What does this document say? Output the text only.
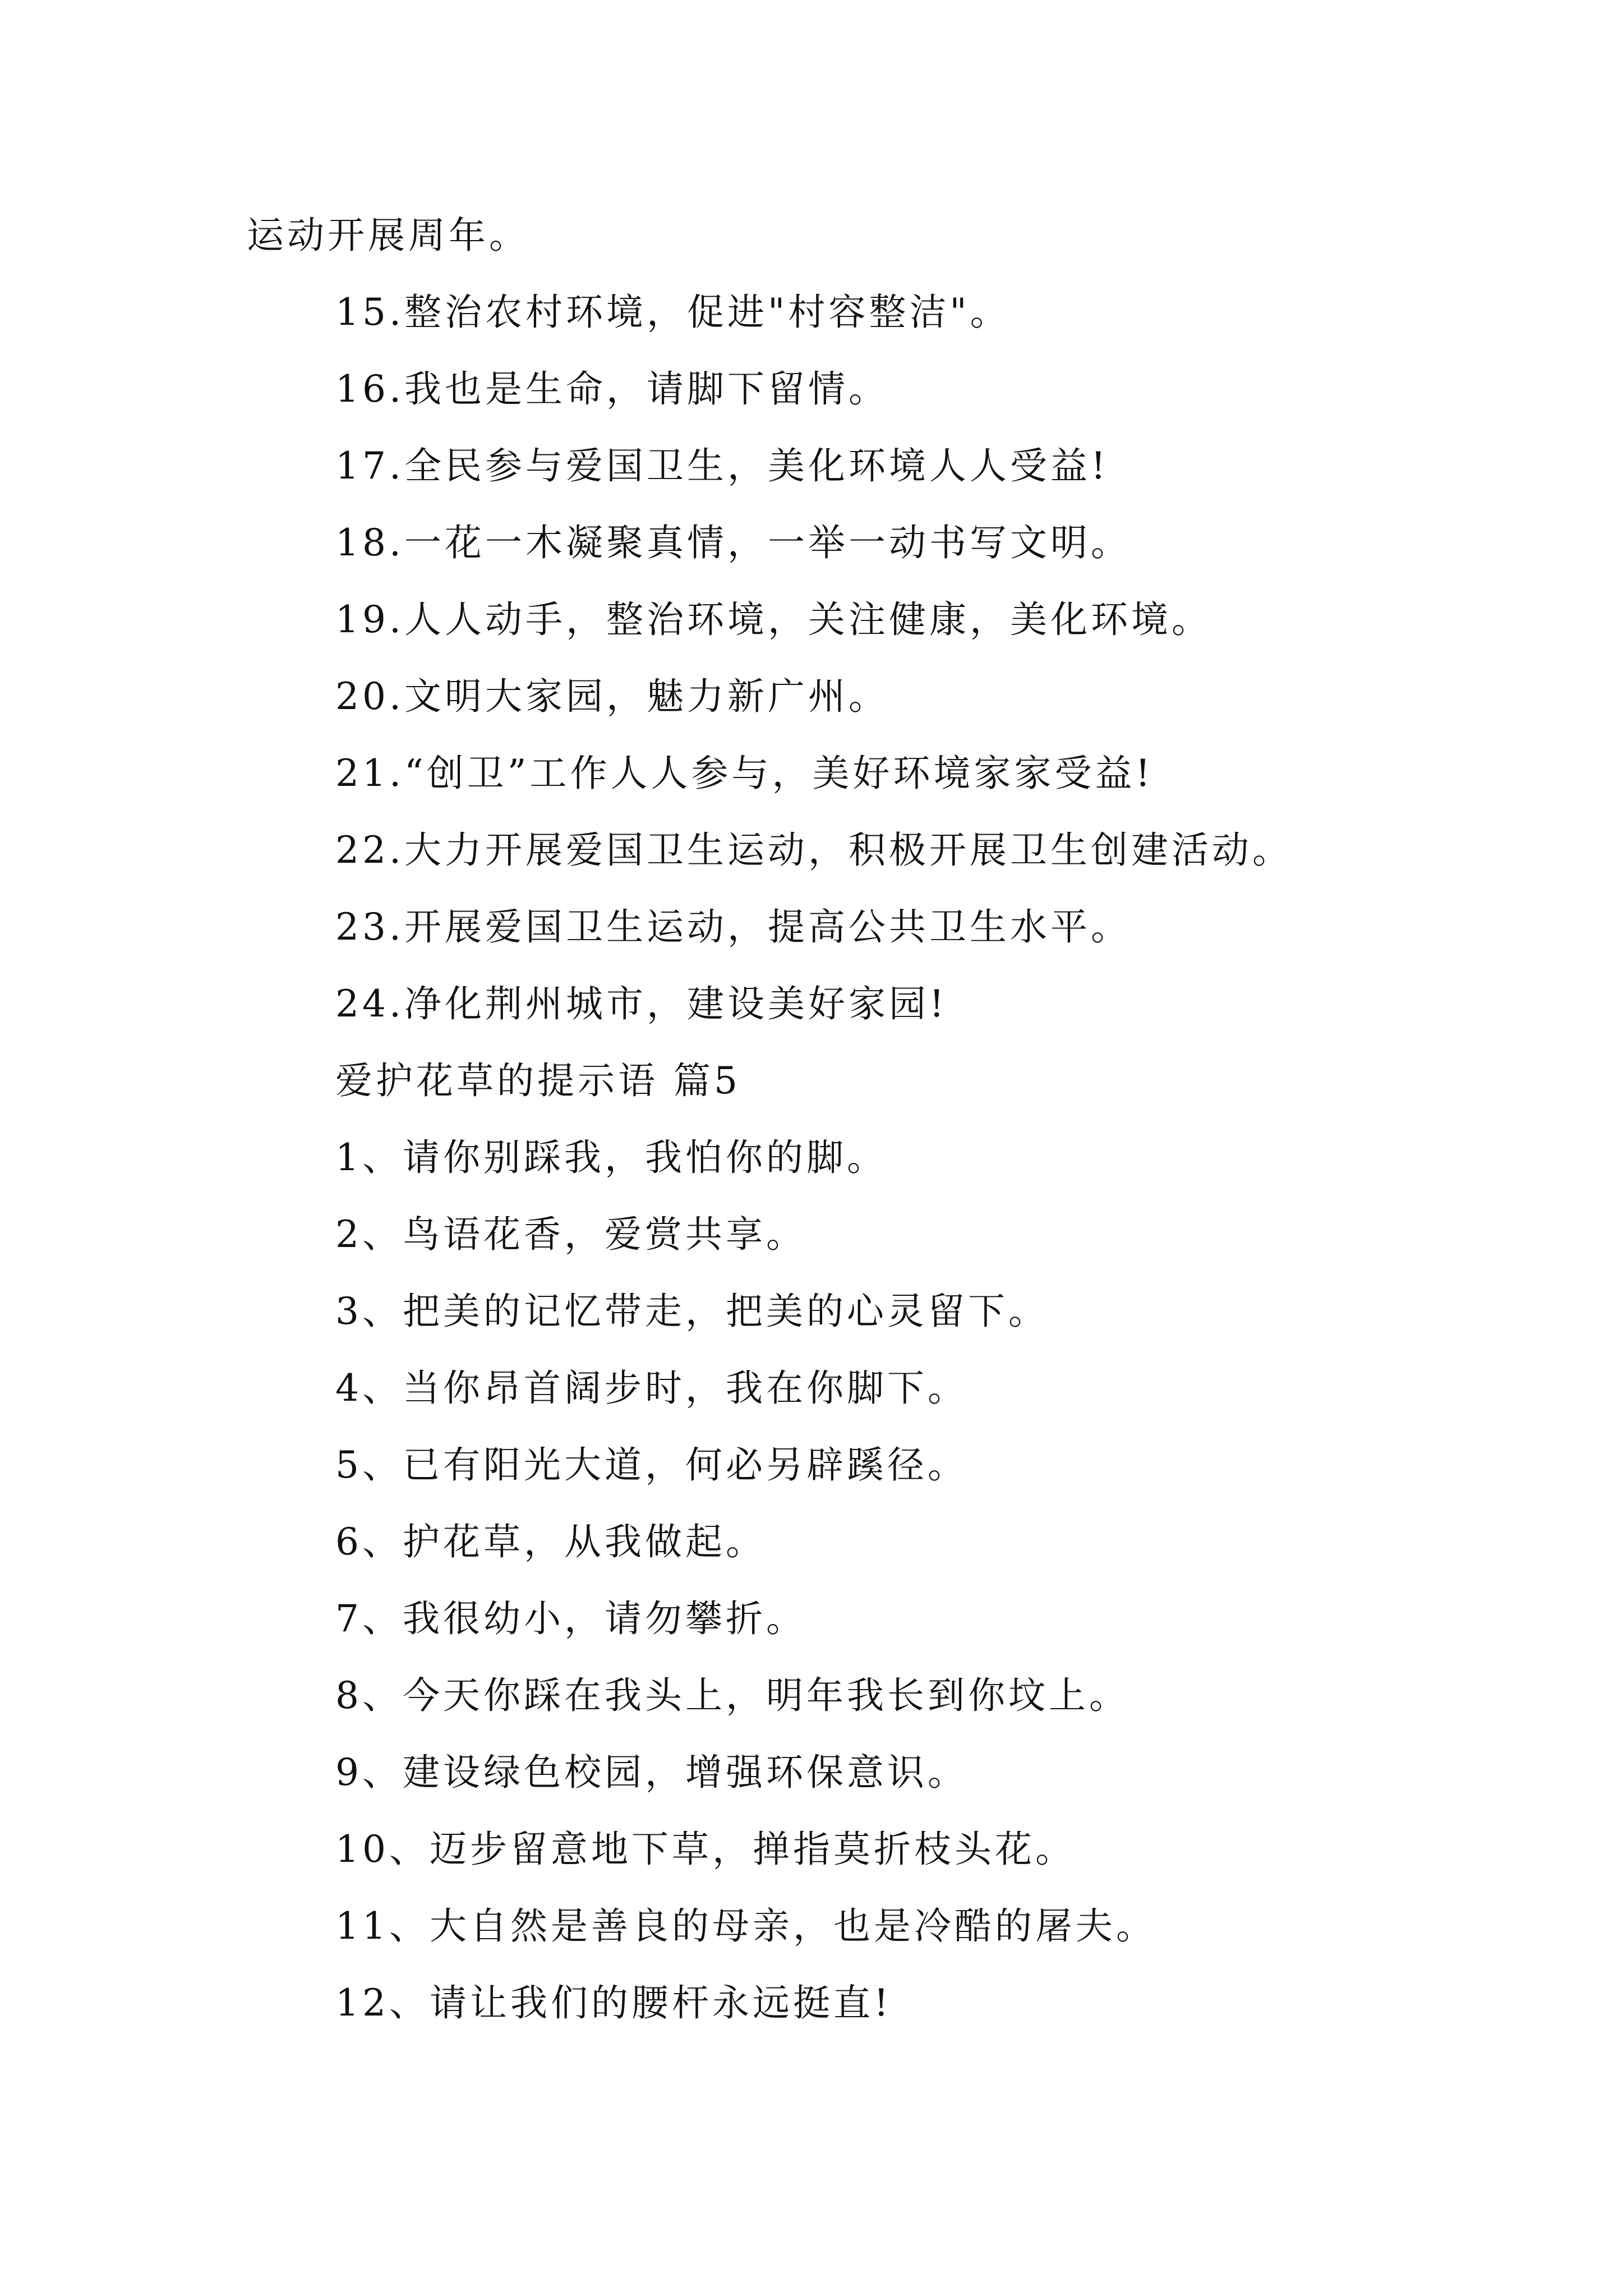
运动开展周年。
15.整治农村环境，促进"村容整洁"。
16.我也是生命，请脚下留情。
17.全民参与爱国卫生，美化环境人人受益!
18.一花一木凝聚真情，一举一动书写文明。
19.人人动手，整治环境，关注健康，美化环境。
20.文明大家园，魅力新广州。
21.“创卫”工作人人参与，美好环境家家受益!
22.大力开展爱国卫生运动，积极开展卫生创建活动。
23.开展爱国卫生运动，提高公共卫生水平。
24.净化荆州城市，建设美好家园!
爱护花草的提示语 篇5
1、请你别踩我，我怕你的脚。
2、鸟语花香，爱赏共享。
3、把美的记忆带走，把美的心灵留下。
4、当你昂首阔步时，我在你脚下。
5、已有阳光大道，何必另辟蹊径。
6、护花草，从我做起。
7、我很幼小，请勿攀折。
8、今天你踩在我头上，明年我长到你坟上。
9、建设绿色校园，增强环保意识。
10、迈步留意地下草，掸指莫折枝头花。
11、大自然是善良的母亲，也是冷酷的屠夫。
12、请让我们的腰杆永远挺直!
